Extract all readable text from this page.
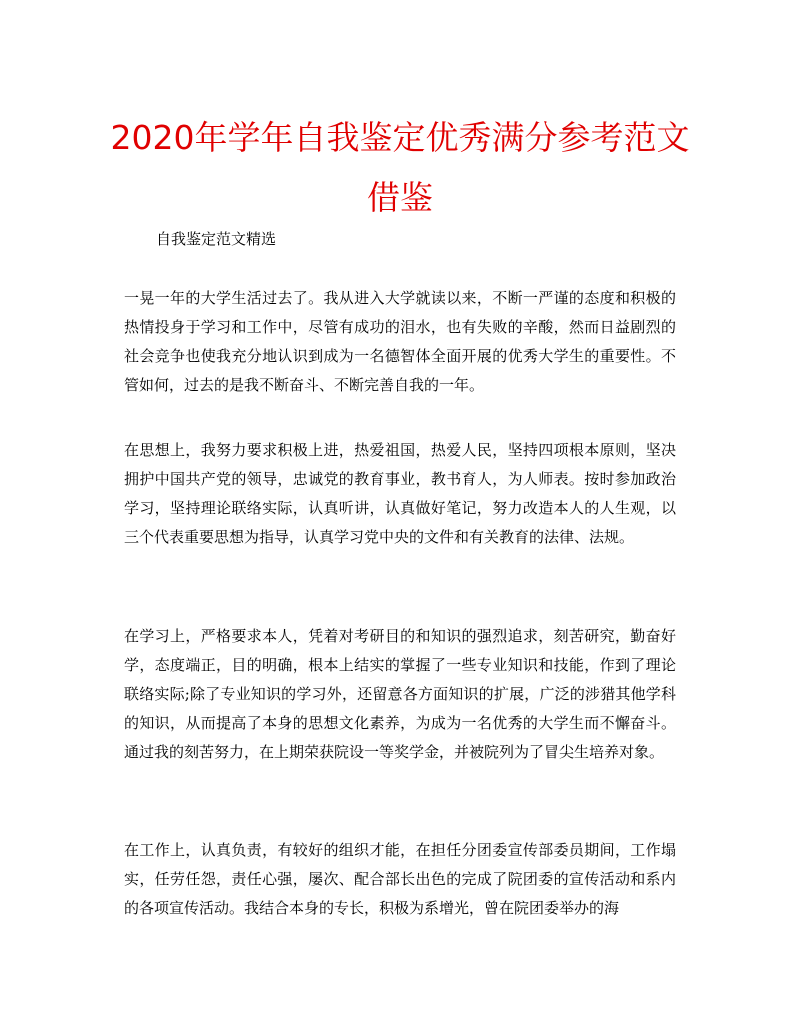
2020年学年自我鉴定优秀满分参考范文借鉴

自我鉴定范文精选

一晃一年的大学生活过去了。我从进入大学就读以来，不断一严谨的态度和积极的热情投身于学习和工作中，尽管有成功的泪水，也有失败的辛酸，然而日益剧烈的社会竞争也使我充分地认识到成为一名德智体全面开展的优秀大学生的重要性。不管如何，过去的是我不断奋斗、不断完善自我的一年。

在思想上，我努力要求积极上进，热爱祖国，热爱人民，坚持四项根本原则，坚决拥护中国共产党的领导，忠诚党的教育事业，教书育人，为人师表。按时参加政治学习，坚持理论联络实际，认真听讲，认真做好笔记，努力改造本人的人生观，以三个代表重要思想为指导，认真学习党中央的文件和有关教育的法律、法规。

在学习上，严格要求本人，凭着对考研目的和知识的强烈追求，刻苦研究，勤奋好学，态度端正，目的明确，根本上结实的掌握了一些专业知识和技能，作到了理论联络实际;除了专业知识的学习外，还留意各方面知识的扩展，广泛的涉猎其他学科的知识，从而提高了本身的思想文化素养，为成为一名优秀的大学生而不懈奋斗。通过我的刻苦努力，在上期荣获院设一等奖学金，并被院列为了冒尖生培养对象。

在工作上，认真负责，有较好的组织才能，在担任分团委宣传部委员期间，工作塌实，任劳任怨，责任心强，屡次、配合部长出色的完成了院团委的宣传活动和系内的各项宣传活动。我结合本身的专长，积极为系增光，曾在院团委举办的海
